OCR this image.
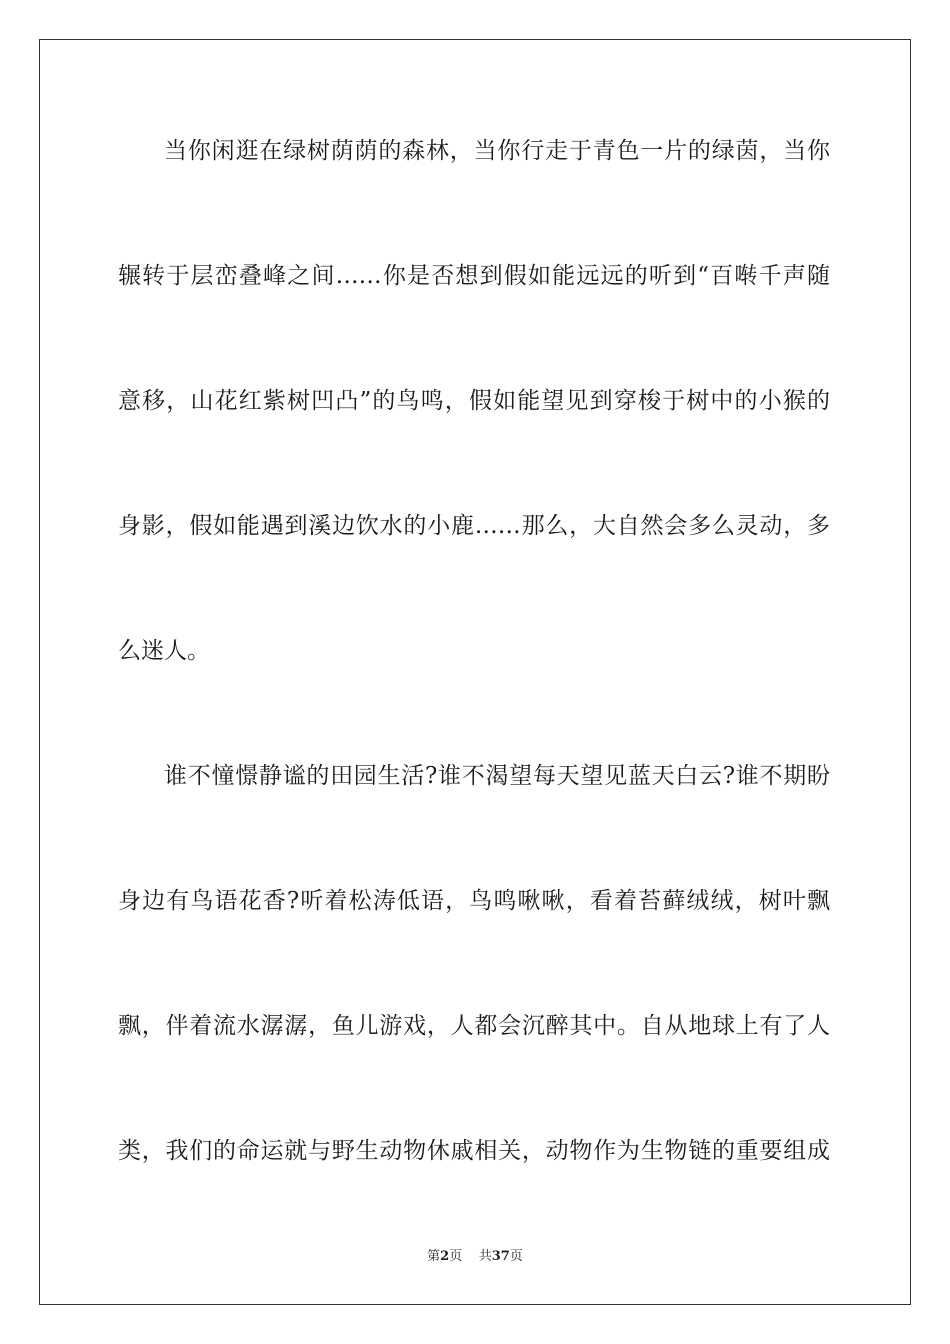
当你闲逛在绿树荫荫的森林，当你行走于青色一片的绿茵，当你
辗转于层峦叠峰之间……你是否想到假如能远远的听到“百啭千声随
意移，山花红紫树凹凸”的鸟鸣，假如能望见到穿梭于树中的小猴的
身影，假如能遇到溪边饮水的小鹿……那么，大自然会多么灵动，多
么迷人。
谁不憧憬静谧的田园生活?谁不渴望每天望见蓝天白云?谁不期盼
身边有鸟语花香?听着松涛低语，鸟鸣啾啾，看着苔藓绒绒，树叶飘
飘，伴着流水潺潺，鱼儿游戏，人都会沉醉其中。自从地球上有了人
类，我们的命运就与野生动物休戚相关，动物作为生物链的重要组成
第2页 共37页
